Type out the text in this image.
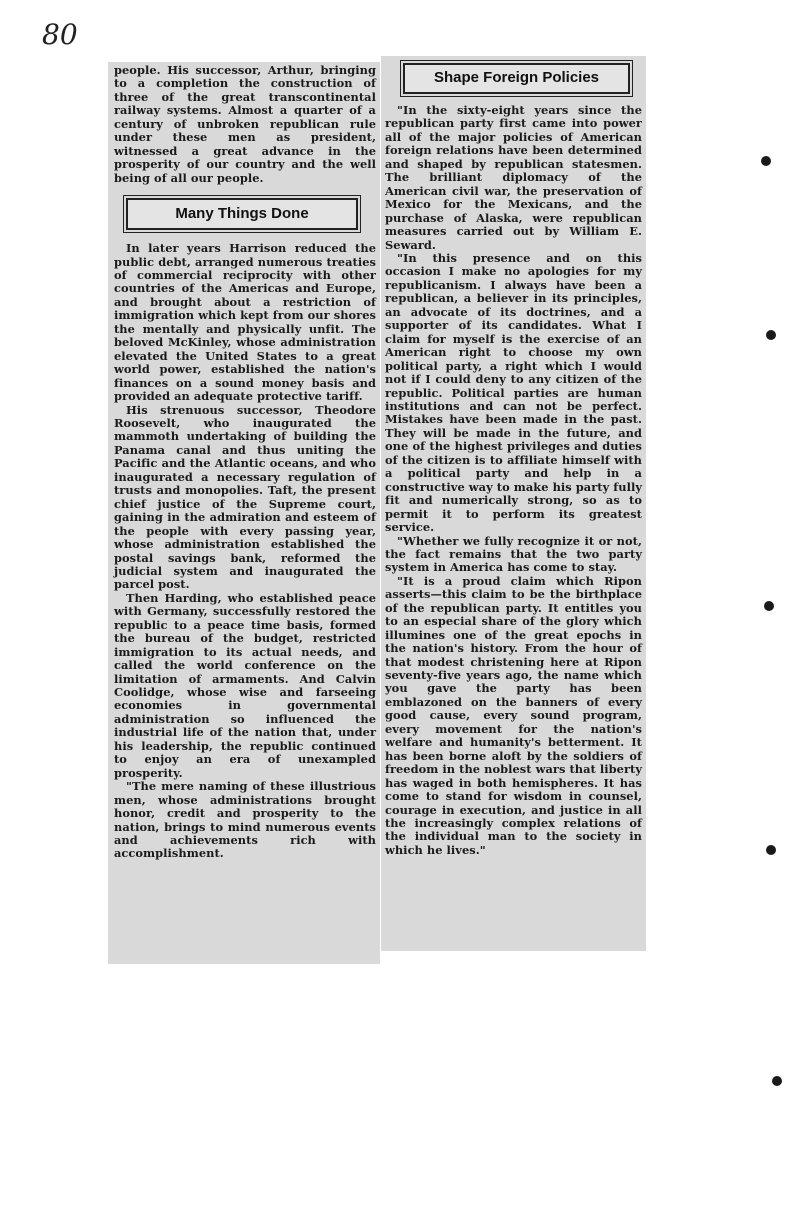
80

people. His successor, Arthur, bringing to a completion the construction of three of the great transcontinental railway systems. Almost a quarter of a century of unbroken republican rule under these men as president, witnessed a great advance in the prosperity of our country and the well being of all our people.

Many Things Done

In later years Harrison reduced the public debt, arranged numerous treaties of commercial reciprocity with other countries of the Americas and Europe, and brought about a restriction of immigration which kept from our shores the mentally and physically unfit. The beloved McKinley, whose administration elevated the United States to a great world power, established the nation's finances on a sound money basis and provided an adequate protective tariff.

His strenuous successor, Theodore Roosevelt, who inaugurated the mammoth undertaking of building the Panama canal and thus uniting the Pacific and the Atlantic oceans, and who inaugurated a necessary regulation of trusts and monopolies. Taft, the present chief justice of the Supreme court, gaining in the admiration and esteem of the people with every passing year, whose administration established the postal savings bank, reformed the judicial system and inaugurated the parcel post.

Then Harding, who established peace with Germany, successfully restored the republic to a peace time basis, formed the bureau of the budget, restricted immigration to its actual needs, and called the world conference on the limitation of armaments. And Calvin Coolidge, whose wise and farseeing economies in governmental administration so influenced the industrial life of the nation that, under his leadership, the republic continued to enjoy an era of unexampled prosperity.

"The mere naming of these illustrious men, whose administrations brought honor, credit and prosperity to the nation, brings to mind numerous events and achievements rich with accomplishment.

Shape Foreign Policies

"In the sixty-eight years since the republican party first came into power all of the major policies of American foreign relations have been determined and shaped by republican statesmen. The brilliant diplomacy of the American civil war, the preservation of Mexico for the Mexicans, and the purchase of Alaska, were republican measures carried out by William E. Seward.

"In this presence and on this occasion I make no apologies for my republicanism. I always have been a republican, a believer in its principles, an advocate of its doctrines, and a supporter of its candidates. What I claim for myself is the exercise of an American right to choose my own political party, a right which I would not if I could deny to any citizen of the republic. Political parties are human institutions and can not be perfect. Mistakes have been made in the past. They will be made in the future, and one of the highest privileges and duties of the citizen is to affiliate himself with a political party and help in a constructive way to make his party fully fit and numerically strong, so as to permit it to perform its greatest service.

"Whether we fully recognize it or not, the fact remains that the two party system in America has come to stay.

"It is a proud claim which Ripon asserts—this claim to be the birthplace of the republican party. It entitles you to an especial share of the glory which illumines one of the great epochs in the nation's history. From the hour of that modest christening here at Ripon seventy-five years ago, the name which you gave the party has been emblazoned on the banners of every good cause, every sound program, every movement for the nation's welfare and humanity's betterment. It has been borne aloft by the soldiers of freedom in the noblest wars that liberty has waged in both hemispheres. It has come to stand for wisdom in counsel, courage in execution, and justice in all the increasingly complex relations of the individual man to the society in which he lives."
